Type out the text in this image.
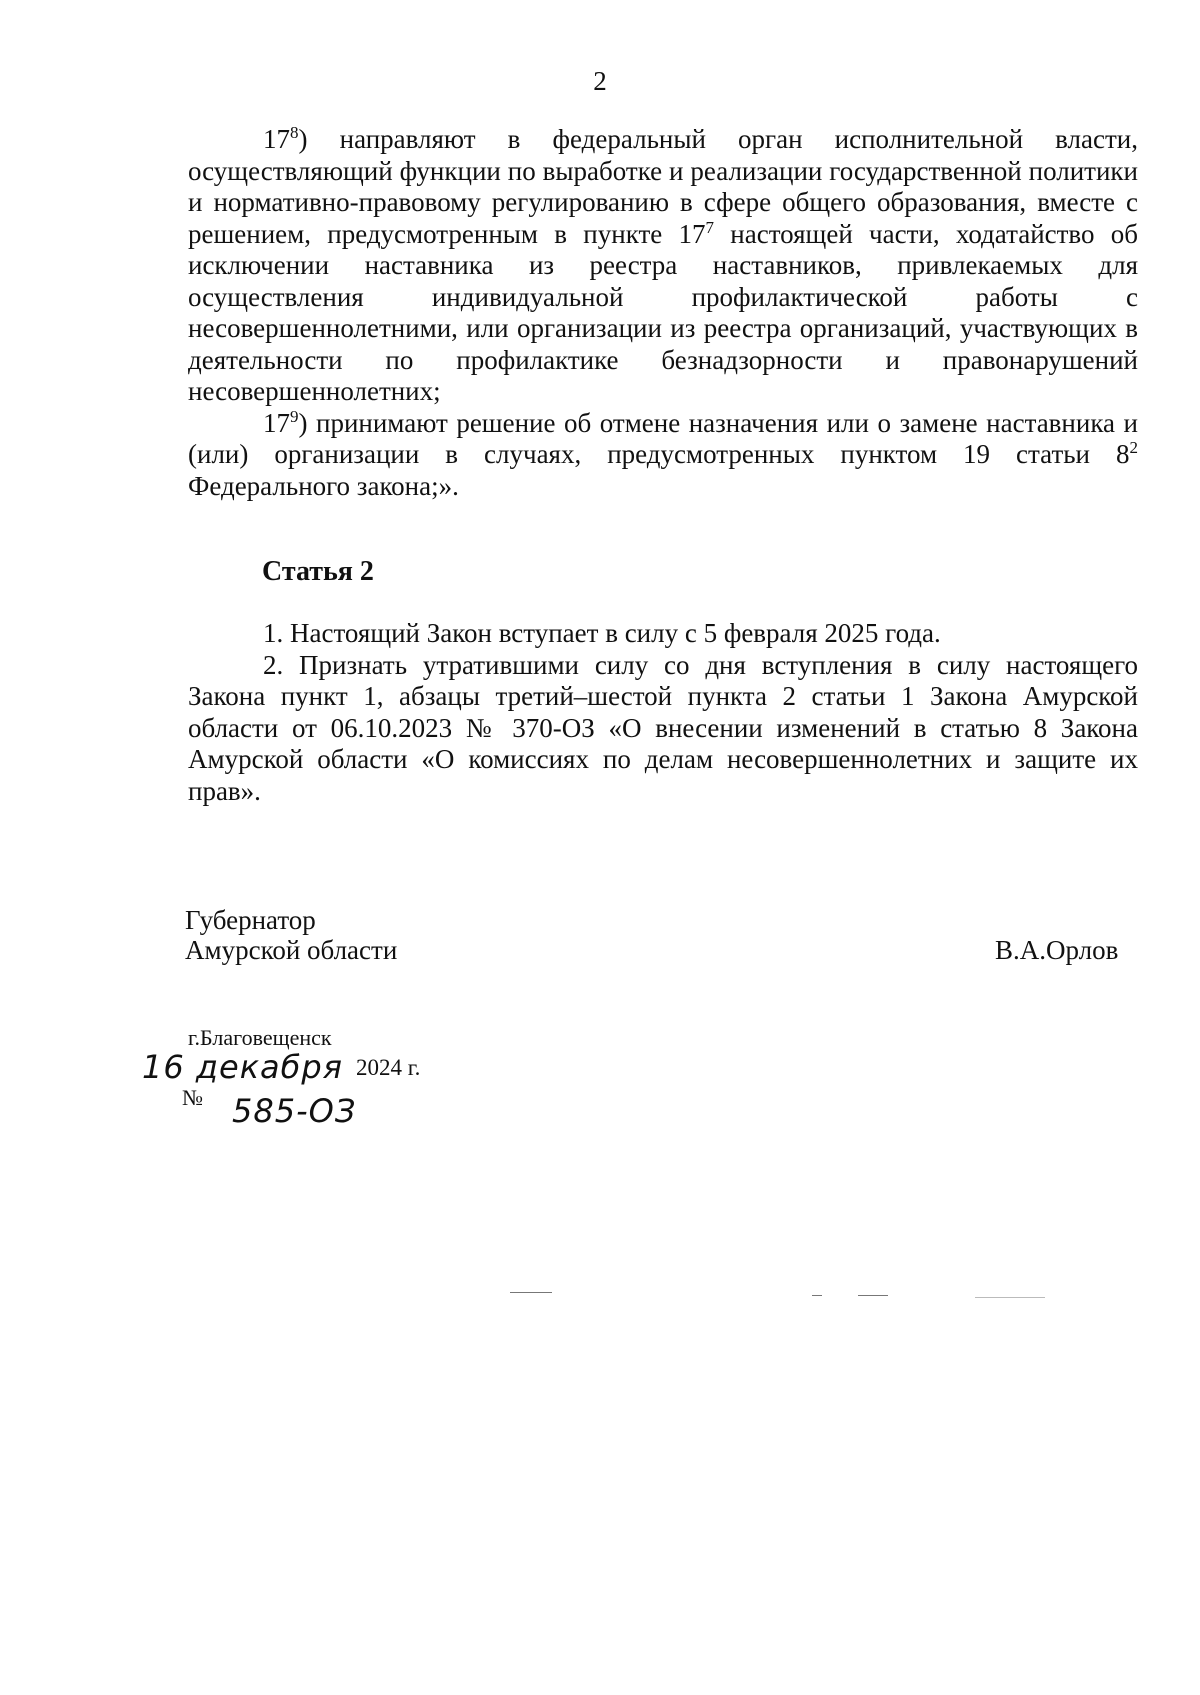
2

$17^8$) направляют в федеральный орган исполнительной власти, осуществляющий функции по выработке и реализации государственной политики и нормативно-правовому регулированию в сфере общего образования, вместе с решением, предусмотренным в пункте $17^7$ настоящей части, ходатайство об исключении наставника из реестра наставников, привлекаемых для осуществления индивидуальной профилактической работы с несовершеннолетними, или организации из реестра организаций, участвующих в деятельности по профилактике безнадзорности и правонарушений несовершеннолетних;

$17^9$) принимают решение об отмене назначения или о замене наставника и (или) организации в случаях, предусмотренных пунктом 19 статьи $8^2$ Федерального закона;».

Статья 2

1. Настоящий Закон вступает в силу с 5 февраля 2025 года.

2. Признать утратившими силу со дня вступления в силу настоящего Закона пункт 1, абзацы третий–шестой пункта 2 статьи 1 Закона Амурской области от 06.10.2023 № 370-ОЗ «О внесении изменений в статью 8 Закона Амурской области «О комиссиях по делам несовершеннолетних и защите их прав».

Губернатор
Амурской области	В.А.Орлов
г.Благовещенск
16 декабря 2024 г.
№ 585-ОЗ
